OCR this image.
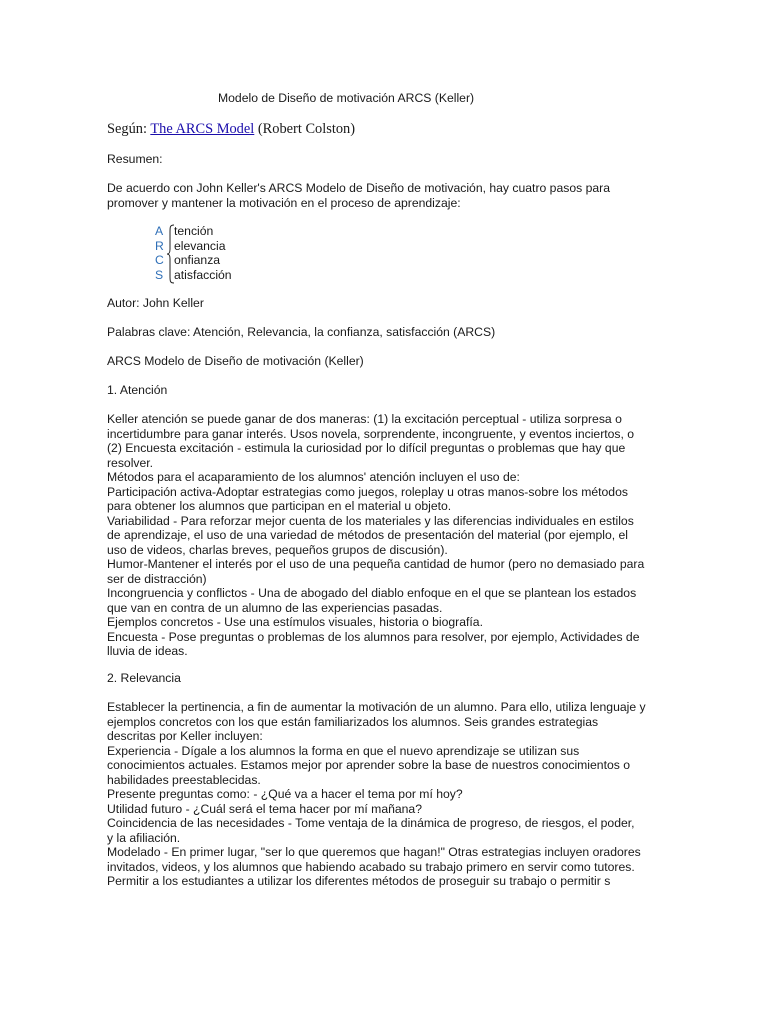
Modelo de Diseño de motivación ARCS (Keller)
Según: The ARCS Model (Robert Colston)
Resumen:
De acuerdo con John Keller's ARCS Modelo de Diseño de motivación, hay cuatro pasos para
promover y mantener la motivación en el proceso de aprendizaje:
A tención
R elevancia
C onfianza
S atisfacción
Autor: John Keller
Palabras clave: Atención, Relevancia, la confianza, satisfacción (ARCS)
ARCS Modelo de Diseño de motivación (Keller)
1. Atención
Keller atención se puede ganar de dos maneras: (1) la excitación perceptual - utiliza sorpresa o
incertidumbre para ganar interés. Usos novela, sorprendente, incongruente, y eventos inciertos, o
(2) Encuesta excitación - estimula la curiosidad por lo difícil preguntas o problemas que hay que
resolver.
Métodos para el acaparamiento de los alumnos' atención incluyen el uso de:
Participación activa-Adoptar estrategias como juegos, roleplay u otras manos-sobre los métodos
para obtener los alumnos que participan en el material u objeto.
Variabilidad - Para reforzar mejor cuenta de los materiales y las diferencias individuales en estilos
de aprendizaje, el uso de una variedad de métodos de presentación del material (por ejemplo, el
uso de videos, charlas breves, pequeños grupos de discusión).
Humor-Mantener el interés por el uso de una pequeña cantidad de humor (pero no demasiado para
ser de distracción)
Incongruencia y conflictos - Una de abogado del diablo enfoque en el que se plantean los estados
que van en contra de un alumno de las experiencias pasadas.
Ejemplos concretos - Use una estímulos visuales, historia o biografía.
Encuesta - Pose preguntas o problemas de los alumnos para resolver, por ejemplo, Actividades de
lluvia de ideas.
2. Relevancia
Establecer la pertinencia, a fin de aumentar la motivación de un alumno. Para ello, utiliza lenguaje y
ejemplos concretos con los que están familiarizados los alumnos. Seis grandes estrategias
descritas por Keller incluyen:
Experiencia - Dígale a los alumnos la forma en que el nuevo aprendizaje se utilizan sus
conocimientos actuales. Estamos mejor por aprender sobre la base de nuestros conocimientos o
habilidades preestablecidas.
Presente preguntas como: - ¿Qué va a hacer el tema por mí hoy?
Utilidad futuro - ¿Cuál será el tema hacer por mí mañana?
Coincidencia de las necesidades - Tome ventaja de la dinámica de progreso, de riesgos, el poder,
y la afiliación.
Modelado - En primer lugar, "ser lo que queremos que hagan!" Otras estrategias incluyen oradores
invitados, videos, y los alumnos que habiendo acabado su trabajo primero en servir como tutores.
Permitir a los estudiantes a utilizar los diferentes métodos de proseguir su trabajo o permitir s
